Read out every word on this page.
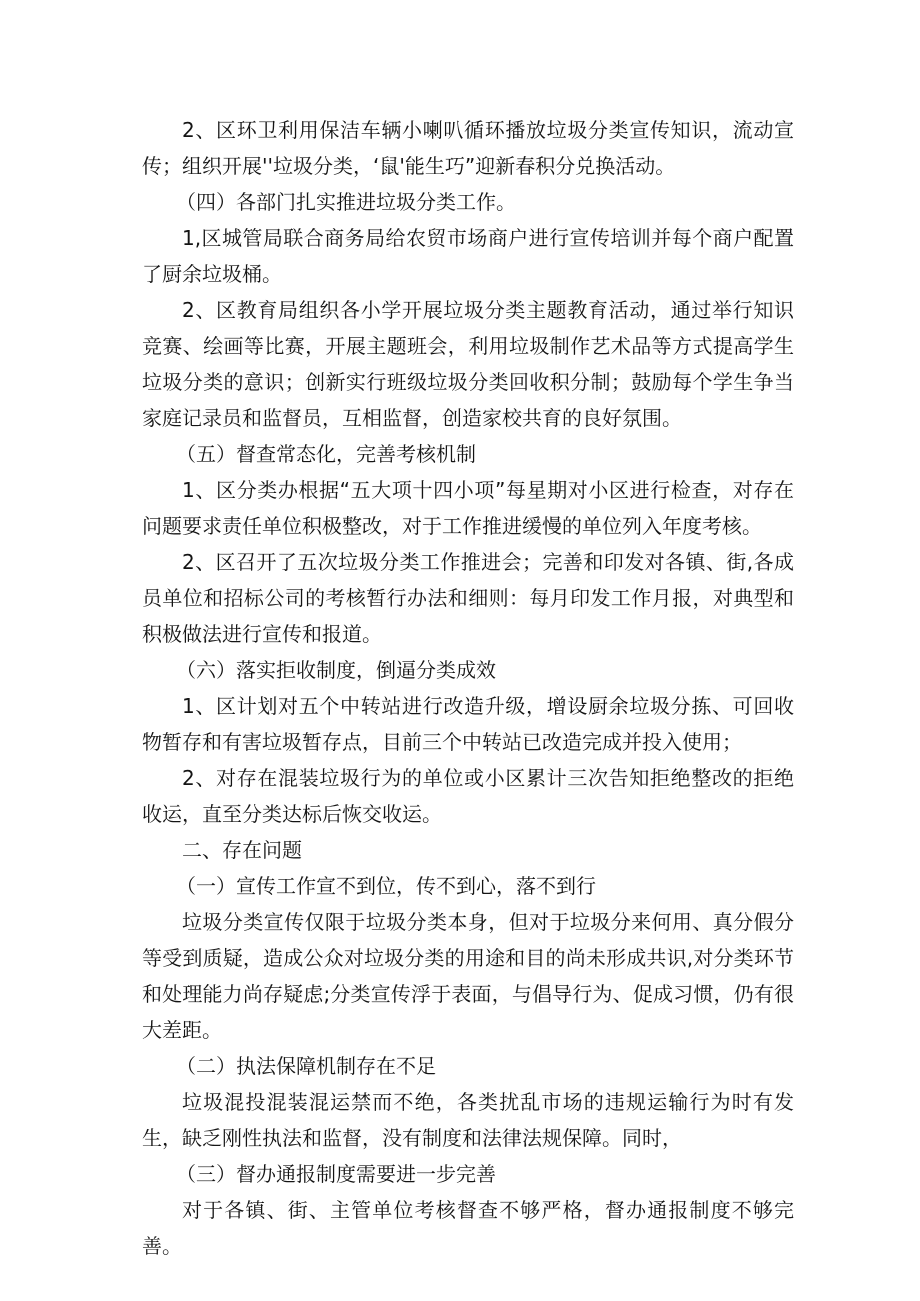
2、区环卫利用保洁车辆小喇叭循环播放垃圾分类宣传知识，流动宣传；组织开展''垃圾分类，‘鼠'能生巧”迎新春积分兑换活动。

（四）各部门扎实推进垃圾分类工作。

1,区城管局联合商务局给农贸市场商户进行宣传培训并每个商户配置了厨余垃圾桶。

2、区教育局组织各小学开展垃圾分类主题教育活动，通过举行知识竞赛、绘画等比赛，开展主题班会，利用垃圾制作艺术品等方式提高学生垃圾分类的意识；创新实行班级垃圾分类回收积分制；鼓励每个学生争当家庭记录员和监督员，互相监督，创造家校共育的良好氛围。

（五）督查常态化，完善考核机制

1、区分类办根据“五大项十四小项”每星期对小区进行检查，对存在问题要求责任单位积极整改，对于工作推进缓慢的单位列入年度考核。

2、区召开了五次垃圾分类工作推进会；完善和印发对各镇、街,各成员单位和招标公司的考核暂行办法和细则：每月印发工作月报，对典型和积极做法进行宣传和报道。

（六）落实拒收制度，倒逼分类成效

1、区计划对五个中转站进行改造升级，增设厨余垃圾分拣、可回收物暂存和有害垃圾暂存点，目前三个中转站已改造完成并投入使用；

2、对存在混装垃圾行为的单位或小区累计三次告知拒绝整改的拒绝收运，直至分类达标后恢交收运。

二、存在问题

（一）宣传工作宣不到位，传不到心，落不到行

垃圾分类宣传仅限于垃圾分类本身，但对于垃圾分来何用、真分假分等受到质疑，造成公众对垃圾分类的用途和目的尚未形成共识,对分类环节和处理能力尚存疑虑;分类宣传浮于表面，与倡导行为、促成习惯，仍有很大差距。

（二）执法保障机制存在不足

垃圾混投混装混运禁而不绝，各类扰乱市场的违规运输行为时有发生，缺乏刚性执法和监督，没有制度和法律法规保障。同时，

（三）督办通报制度需要进一步完善

对于各镇、街、主管单位考核督查不够严格，督办通报制度不够完善。
